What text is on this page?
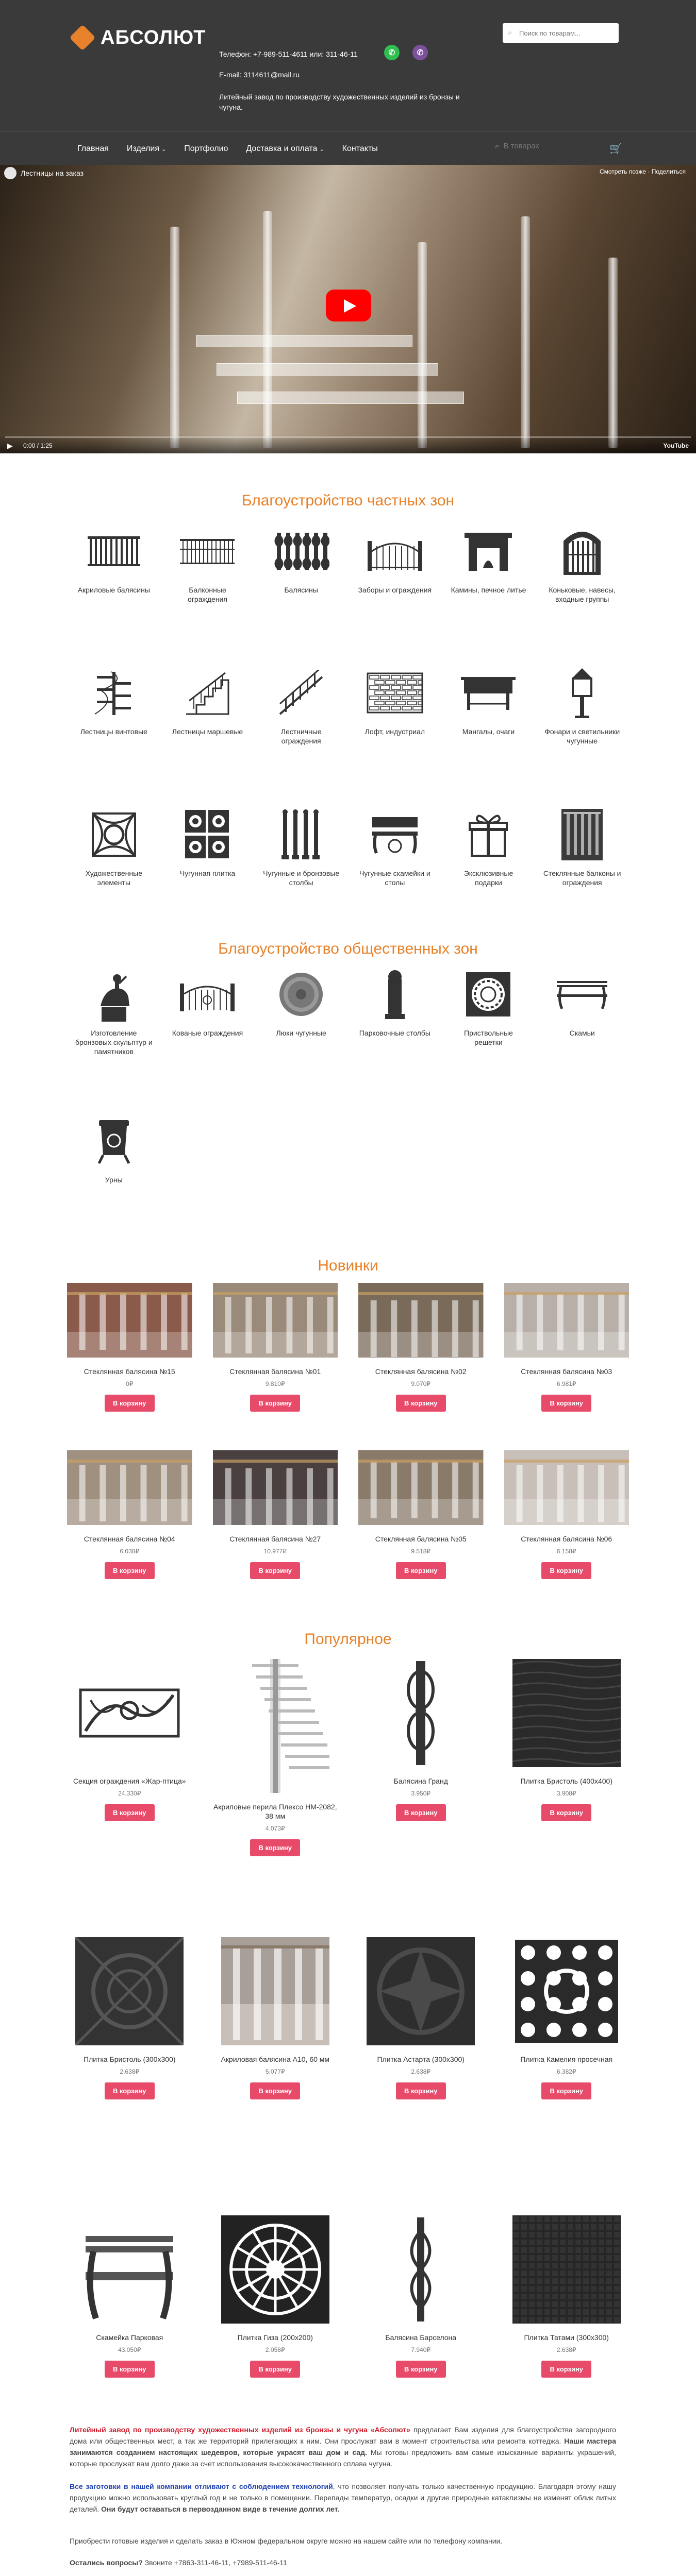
АБСОЛЮТ
Телефон: +7-989-511-4611 или: 311-46-11	✆	✆
E-mail: 3114611@mail.ru
Литейный завод по производству художественных изделий из бронзы и чугуна.
Поиск по товарам...
⌕
Главная Изделия ⌄ Портфолио Доставка и оплата ⌄ Контакты	⌕
В товарах	🛒
Лестницы на заказ	Смотреть позже · Поделиться
▶ 0:00 / 1:25	YouTube
Благоустройство частных зон
Акриловые балясины	Балконные ограждения
Балясины	Заборы и ограждения	Камины, печное литье	Коньковые, навесы, входные группы
Лестницы винтовые	Лестницы маршевые	Лестничные ограждения
Лофт, индустриал	Мангалы, очаги	Фонари и светильники чугунные
Художественные элементы
Чугунная плитка	Чугунные и бронзовые столбы
Чугунные скамейки и столы
Эксклюзивные подарки
Стеклянные балконы и ограждения
Благоустройство общественных зон
Изготовление бронзовых скульптур и памятников
Кованые ограждения	Люки чугунные	Парковочные столбы	Приствольные решетки
Скамьи
Урны
Новинки
Стеклянная балясина №15
0₽
В корзину
Стеклянная балясина №01
9.810₽
В корзину
Стеклянная балясина №02
9.070₽
В корзину
Стеклянная балясина №03
6.981₽
В корзину
Стеклянная балясина №04
6.038₽
В корзину
Стеклянная балясина №27
10.977₽
В корзину
Стеклянная балясина №05
9.518₽
В корзину
Стеклянная балясина №06
6.158₽
В корзину
Популярное
Секция ограждения «Жар-птица»
24.330₽
В корзину
Акриловые перила Плексо НМ-2082, 38 мм
4.073₽
В корзину
Балясина Гранд
3.950₽
В корзину
Плитка Бристоль (400х400)
3.908₽
В корзину
Плитка Бристоль (300х300)
2.638₽
В корзину
Акриловая балясина А10, 60 мм
5.077₽
В корзину
Плитка Астарта (300х300)
2.638₽
В корзину
Плитка Камелия просечная
6.382₽
В корзину
Скамейка Парковая
43.050₽
В корзину
Плитка Гиза (200х200)
2.058₽
В корзину
Балясина Барселона
7.940₽
В корзину
Плитка Татами (300х300)
2.638₽
В корзину

Литейный завод по производству художественных изделий из бронзы и чугуна «Абсолют» предлагает Вам изделия для благоустройства загородного дома или общественных мест, а так же территорий прилегающих к ним. Они прослужат вам в момент строительства или ремонта коттеджа. Наши мастера занимаются созданием настоящих шедевров, которые украсят ваш дом и сад. Мы готовы предложить вам самые изысканные варианты украшений, которые прослужат вам долго даже за счет использования высококачественного сплава чугуна.

Все заготовки в нашей компании отливают с соблюдением технологий, что позволяет получать только качественную продукцию. Благодаря этому нашу продукцию можно использовать круглый год и не только в помещении. Перепады температур, осадки и другие природные катаклизмы не изменят облик литых деталей. Они будут оставаться в первозданном виде в течение долгих лет.

Приобрести готовые изделия и сделать заказ в Южном федеральном округе можно на нашем сайте или по телефону компании.

Остались вопросы? Звоните +7863-311-46-11, +7989-511-46-11
